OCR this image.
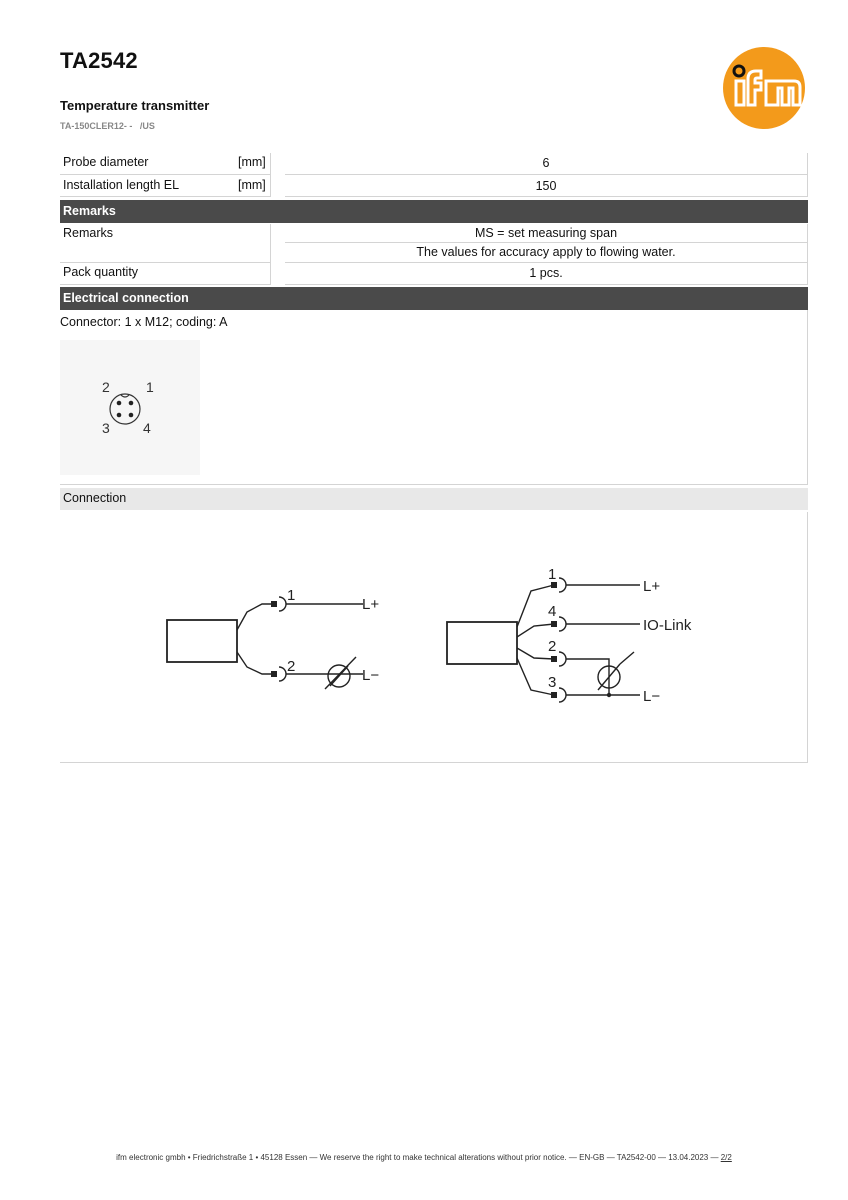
TA2542
Temperature transmitter
TA-150CLER12- -   /US
Probe diameter	[mm]	6
Installation length EL	[mm]	150
Remarks
Remarks	MS = set measuring span
The values for accuracy apply to flowing water.
Pack quantity	1 pcs.
Electrical connection
Connector: 1 x M12; coding: A
2	1
3 4
Connection
1
2
L+
L−
1
4
2
3
L+
IO-Link
L−
ifm electronic gmbh • Friedrichstraße 1 • 45128 Essen — We reserve the right to make technical alterations without prior notice. — EN-GB — TA2542-00 — 13.04.2023 — 2/2
